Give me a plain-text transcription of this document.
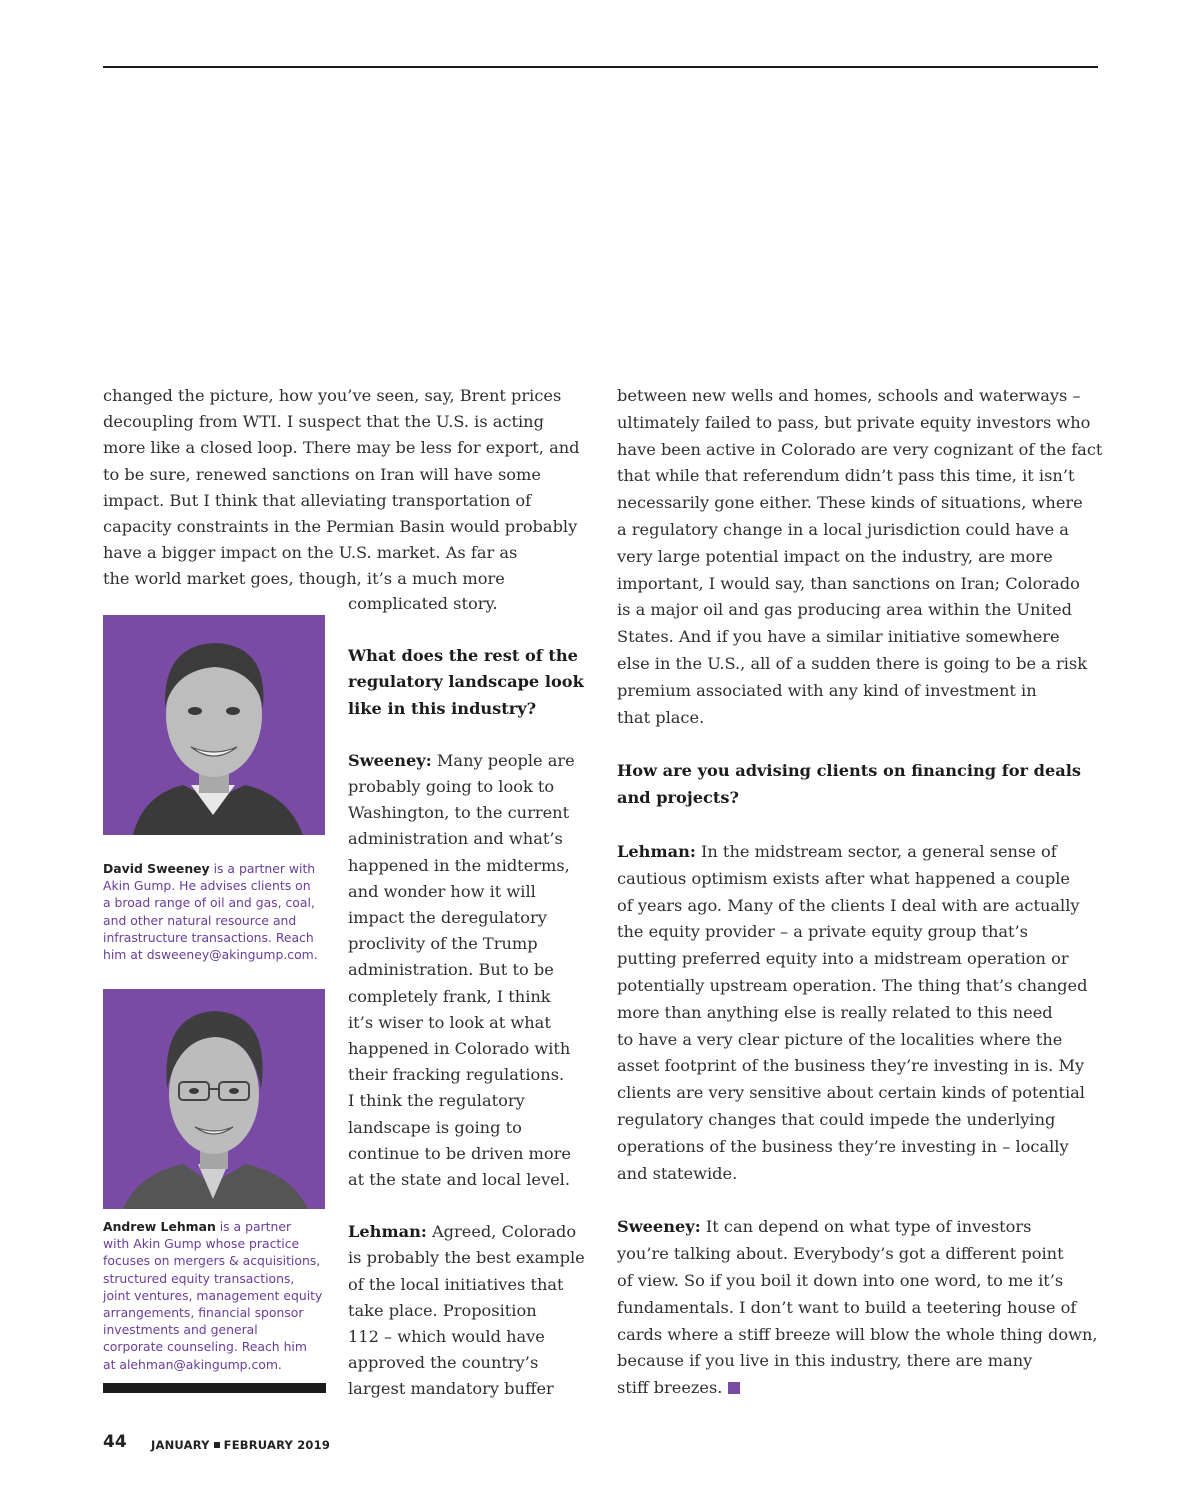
changed the picture, how you’ve seen, say, Brent prices

decoupling from WTI. I suspect that the U.S. is acting

more like a closed loop. There may be less for export, and

to be sure, renewed sanctions on Iran will have some

impact. But I think that alleviating transportation of

capacity constraints in the Permian Basin would probably

have a bigger impact on the U.S. market. As far as

the world market goes, though, it’s a much more

complicated story.

What does the rest of the

regulatory landscape look

like in this industry?

Sweeney: Many people are

probably going to look to

Washington, to the current

administration and what’s

happened in the midterms,

and wonder how it will

impact the deregulatory

proclivity of the Trump

administration. But to be

completely frank, I think

it’s wiser to look at what

happened in Colorado with

their fracking regulations.

I think the regulatory

landscape is going to

continue to be driven more

at the state and local level.

Lehman: Agreed, Colorado

is probably the best example

of the local initiatives that

take place. Proposition

112 – which would have

approved the country’s

largest mandatory buffer

between new wells and homes, schools and waterways –

ultimately failed to pass, but private equity investors who

have been active in Colorado are very cognizant of the fact

that while that referendum didn’t pass this time, it isn’t

necessarily gone either. These kinds of situations, where

a regulatory change in a local jurisdiction could have a

very large potential impact on the industry, are more

important, I would say, than sanctions on Iran; Colorado

is a major oil and gas producing area within the United

States. And if you have a similar initiative somewhere

else in the U.S., all of a sudden there is going to be a risk

premium associated with any kind of investment in

that place.

How are you advising clients on financing for deals

and projects?

Lehman: In the midstream sector, a general sense of

cautious optimism exists after what happened a couple

of years ago. Many of the clients I deal with are actually

the equity provider – a private equity group that’s

putting preferred equity into a midstream operation or

potentially upstream operation. The thing that’s changed

more than anything else is really related to this need

to have a very clear picture of the localities where the

asset footprint of the business they’re investing in is. My

clients are very sensitive about certain kinds of potential

regulatory changes that could impede the underlying

operations of the business they’re investing in – locally

and statewide.

Sweeney: It can depend on what type of investors

you’re talking about. Everybody’s got a different point

of view. So if you boil it down into one word, to me it’s

fundamentals. I don’t want to build a teetering house of

cards where a stiff breeze will blow the whole thing down,

because if you live in this industry, there are many

stiff breezes.

David Sweeney is a partner with
Akin Gump. He advises clients on
a broad range of oil and gas, coal,
and other natural resource and
infrastructure transactions. Reach
him at dsweeney@akingump.com.
Andrew Lehman is a partner
with Akin Gump whose practice
focuses on mergers & acquisitions,
structured equity transactions,
joint ventures, management equity
arrangements, financial sponsor
investments and general
corporate counseling. Reach him
at alehman@akingump.com.
44 JANUARY FEBRUARY 2019
